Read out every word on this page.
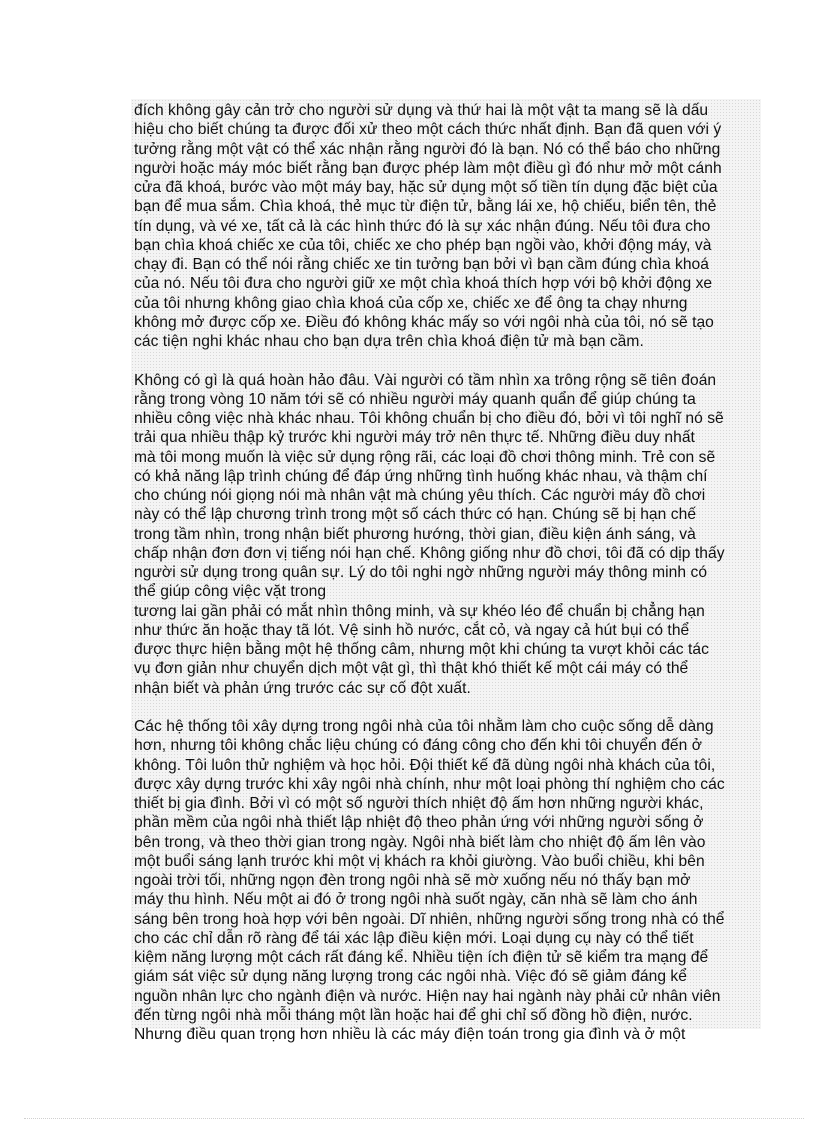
đích không gây cản trở cho người sử dụng và thứ hai là một vật ta mang sẽ là dấu
hiệu cho biết chúng ta được đối xử theo một cách thức nhất định. Bạn đã quen với ý
tưởng rằng một vật có thể xác nhận rằng người đó là bạn. Nó có thể báo cho những
người hoặc máy móc biết rằng bạn được phép làm một điều gì đó như mở một cánh
cửa đã khoá, bước vào một máy bay, hặc sử dụng một số tiền tín dụng đặc biệt của
bạn để mua sắm. Chìa khoá, thẻ mục từ điện tử, bằng lái xe, hộ chiếu, biển tên, thẻ
tín dụng, và vé xe, tất cả là các hình thức đó là sự xác nhận đúng. Nếu tôi đưa cho
bạn chìa khoá chiếc xe của tôi, chiếc xe cho phép bạn ngồi vào, khởi động máy, và
chạy đi. Bạn có thể nói rằng chiếc xe tin tưởng bạn bởi vì bạn cầm đúng chìa khoá
của nó. Nếu tôi đưa cho người giữ xe một chìa khoá thích hợp với bộ khởi động xe
của tôi nhưng không giao chìa khoá của cốp xe, chiếc xe để ông ta chạy nhưng
không mở được cốp xe. Điều đó không khác mấy so với ngôi nhà của tôi, nó sẽ tạo
các tiện nghi khác nhau cho bạn dựa trên chìa khoá điện tử mà bạn cầm.
Không có gì là quá hoàn hảo đâu. Vài người có tầm nhìn xa trông rộng sẽ tiên đoán
rằng trong vòng 10 năm tới sẽ có nhiều người máy quanh quẩn để giúp chúng ta
nhiều công việc nhà khác nhau. Tôi không chuẩn bị cho điều đó, bởi vì tôi nghĩ nó sẽ
trải qua nhiều thập kỷ trước khi người máy trở nên thực tế. Những điều duy nhất
mà tôi mong muốn là việc sử dụng rộng rãi, các loại đồ chơi thông minh. Trẻ con sẽ
có khả năng lập trình chúng để đáp ứng những tình huống khác nhau, và thậm chí
cho chúng nói giọng nói mà nhân vật mà chúng yêu thích. Các người máy đồ chơi
này có thể lập chương trình trong một số cách thức có hạn. Chúng sẽ bị hạn chế
trong tầm nhìn, trong nhận biết phương hướng, thời gian, điều kiện ánh sáng, và
chấp nhận đơn đơn vị tiếng nói hạn chế. Không giống như đồ chơi, tôi đã có dịp thấy
người sử dụng trong quân sự. Lý do tôi nghi ngờ những người máy thông minh có
thể giúp công việc vặt trong
tương lai gần phải có mắt nhìn thông minh, và sự khéo léo để chuẩn bị chẳng hạn
như thức ăn hoặc thay tã lót. Vệ sinh hồ nước, cắt cỏ, và ngay cả hút bụi có thể
được thực hiện bằng một hệ thống câm, nhưng một khi chúng ta vượt khỏi các tác
vụ đơn giản như chuyển dịch một vật gì, thì thật khó thiết kế một cái máy có thể
nhận biết và phản ứng trước các sự cố đột xuất.
Các hệ thống tôi xây dựng trong ngôi nhà của tôi nhằm làm cho cuộc sống dễ dàng
hơn, nhưng tôi không chắc liệu chúng có đáng công cho đến khi tôi chuyển đến ở
không. Tôi luôn thử nghiệm và học hỏi. Đội thiết kế đã dùng ngôi nhà khách của tôi,
được xây dựng trước khi xây ngôi nhà chính, như một loại phòng thí nghiệm cho các
thiết bị gia đình. Bởi vì có một số người thích nhiệt độ ấm hơn những người khác,
phần mềm của ngôi nhà thiết lập nhiệt độ theo phản ứng với những người sống ở
bên trong, và theo thời gian trong ngày. Ngôi nhà biết làm cho nhiệt độ ấm lên vào
một buổi sáng lạnh trước khi một vị khách ra khỏi giường. Vào buổi chiều, khi bên
ngoài trời tối, những ngọn đèn trong ngôi nhà sẽ mờ xuống nếu nó thấy bạn mở
máy thu hình. Nếu một ai đó ở trong ngôi nhà suốt ngày, căn nhà sẽ làm cho ánh
sáng bên trong hoà hợp với bên ngoài. Dĩ nhiên, những người sống trong nhà có thể
cho các chỉ dẫn rõ ràng để tái xác lập điều kiện mới. Loại dụng cụ này có thể tiết
kiệm năng lượng một cách rất đáng kể. Nhiều tiện ích điện tử sẽ kiểm tra mạng để
giám sát việc sử dụng năng lượng trong các ngôi nhà. Việc đó sẽ giảm đáng kể
nguồn nhân lực cho ngành điện và nước. Hiện nay hai ngành này phải cử nhân viên
đến từng ngôi nhà mỗi tháng một lần hoặc hai để ghi chỉ số đồng hồ điện, nước.
Nhưng điều quan trọng hơn nhiều là các máy điện toán trong gia đình và ở một
